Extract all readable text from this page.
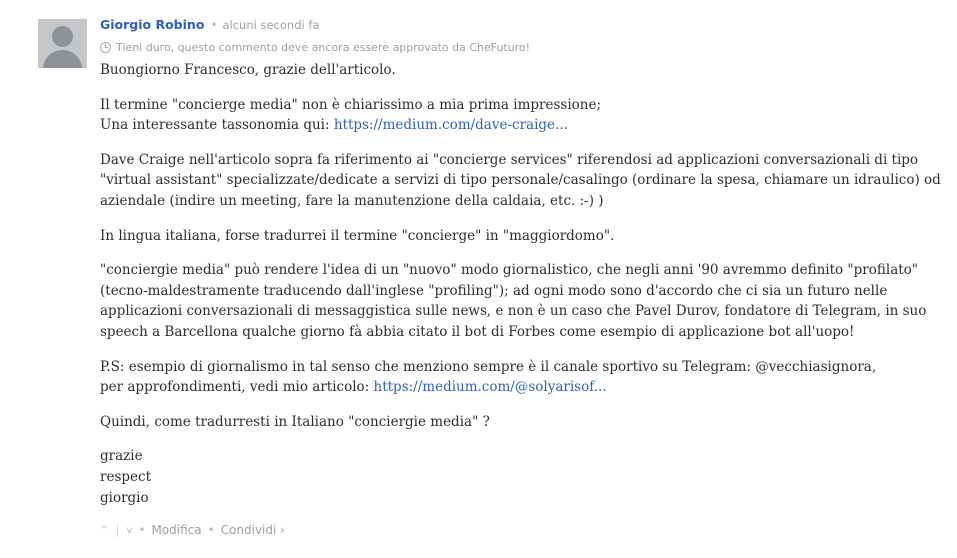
Giorgio Robino • alcuni secondi fa
Tieni duro, questo commento deve ancora essere approvato da CheFuturo!

Buongiorno Francesco, grazie dell'articolo.

Il termine "concierge media" non è chiarissimo a mia prima impressione;
Una interessante tassonomia qui: https://medium.com/dave-craige...

Dave Craige nell'articolo sopra fa riferimento ai "concierge services" riferendosi ad applicazioni conversazionali di tipo
"virtual assistant" specializzate/dedicate a servizi di tipo personale/casalingo (ordinare la spesa, chiamare un idraulico) od
aziendale (indire un meeting, fare la manutenzione della caldaia, etc. :-) )

In lingua italiana, forse tradurrei il termine "concierge" in "maggiordomo".

"conciergie media" può rendere l'idea di un "nuovo" modo giornalistico, che negli anni '90 avremmo definito "profilato"
(tecno-maldestramente traducendo dall'inglese "profiling"); ad ogni modo sono d'accordo che ci sia un futuro nelle
applicazioni conversazionali di messaggistica sulle news, e non è un caso che Pavel Durov, fondatore di Telegram, in suo
speech a Barcellona qualche giorno fà abbia citato il bot di Forbes come esempio di applicazione bot all'uopo!

P.S: esempio di giornalismo in tal senso che menziono sempre è il canale sportivo su Telegram: @vecchiasignora,
per approfondimenti, vedi mio articolo: https://medium.com/@solyarisof...

Quindi, come tradurresti in Italiano "conciergie media" ?

grazie
respect
giorgio

^ | v • Modifica • Condividi ›
